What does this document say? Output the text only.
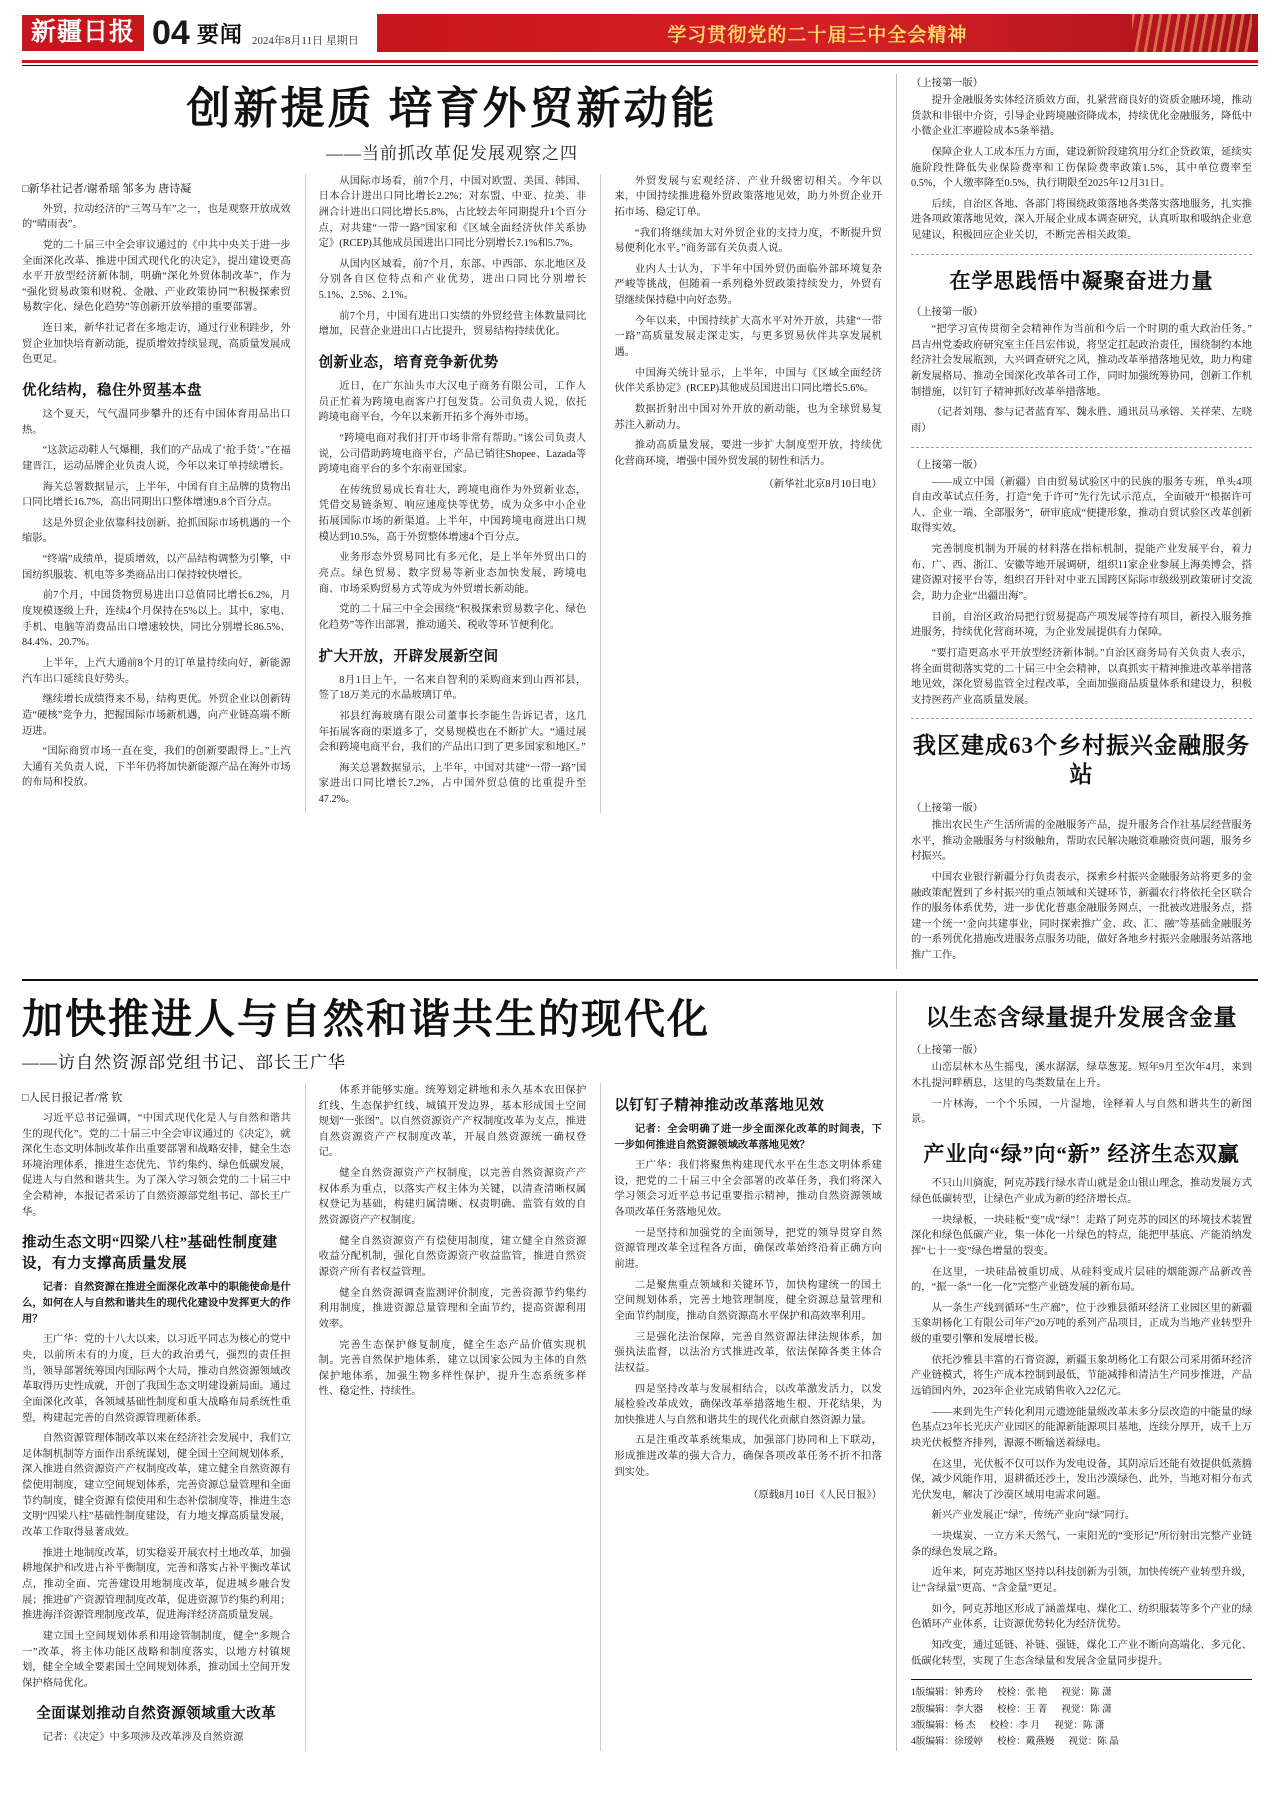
新疆日报 04 要闻 2024年8月11日 星期日	学习贯彻党的二十届三中全会精神
创新提质 培育外贸新动能
——当前抓改革促发展观察之四
□新华社记者/谢希瑶 邹多为 唐诗凝

外贸，拉动经济的“三驾马车”之一，也是观察开放成效的“晴雨表”。

党的二十届三中全会审议通过的《中共中央关于进一步全面深化改革、推进中国式现代化的决定》，提出建设更高水平开放型经济新体制，明确“深化外贸体制改革”，作为“强化贸易政策和财税、金融、产业政策协同”“积极探索贸易数字化、绿色化趋势”等创新开放举措的重要部署。

连日来，新华社记者在多地走访，通过行业积跬步，外贸企业加快培育新动能，提质增效持续显现，高质量发展成色更足。

优化结构，稳住外贸基本盘

这个夏天，气气温同步攀升的还有中国体育用品出口热。

“这款运动鞋人气爆棚，我们的产品成了‘抢手货’。”在福建晋江，运动品牌企业负责人说，今年以来订单持续增长。

海关总署数据显示，上半年，中国有自主品牌的货物出口同比增长16.7%，高出同期出口整体增速9.8个百分点。

这是外贸企业依靠科技创新、抢抓国际市场机遇的一个缩影。

“终端”成绩单，提质增效，以产品结构调整为引擎，中国纺织服装、机电等多类商品出口保持较快增长。

前7个月，中国货物贸易进出口总值同比增长6.2%，月度规模逐级上升，连续4个月保持在5%以上。其中，家电、手机、电脑等消费品出口增速较快，同比分别增长86.5%、84.4%、20.7%。

上半年，上汽大通前8个月的订单量持续向好，新能源汽车出口延续良好势头。

继续增长成绩得来不易，结构更优。外贸企业以创新铸造“硬核”竞争力，把握国际市场新机遇，向产业链高端不断迈进。

“国际商贸市场一直在变，我们的创新要跟得上。”上汽大通有关负责人说，下半年仍将加快新能源产品在海外市场的布局和投放。

从国际市场看，前7个月，中国对欧盟、美国、韩国、日本合计进出口同比增长2.2%；对东盟、中亚、拉美、非洲合计进出口同比增长5.8%，占比较去年同期提升1个百分点，对共建“一带一路”国家和《区域全面经济伙伴关系协定》(RCEP)其他成员国进出口同比分别增长7.1%和5.7%。

从国内区域看，前7个月，东部、中西部、东北地区及分别各自区位特点和产业优势，进出口同比分别增长5.1%、2.5%、2.1%。

前7个月，中国有进出口实绩的外贸经营主体数量同比增加，民营企业进出口占比提升，贸易结构持续优化。

创新业态，培育竞争新优势

近日，在广东汕头市大汉电子商务有限公司，工作人员正忙着为跨境电商客户打包发货。公司负责人说，依托跨境电商平台，今年以来新开拓多个海外市场。

“跨境电商对我们打开市场非常有帮助。”该公司负责人说，公司借助跨境电商平台，产品已销往Shopee、Lazada等跨境电商平台的多个东南亚国家。

在传统贸易成长育壮大，跨境电商作为外贸新业态，凭借交易链条短、响应速度快等优势，成为众多中小企业拓展国际市场的新渠道。上半年，中国跨境电商进出口规模达到10.5%，高于外贸整体增速4个百分点。

业务形态外贸易同比有多元化，是上半年外贸出口的亮点。绿色贸易、数字贸易等新业态加快发展，跨境电商、市场采购贸易方式等成为外贸增长新动能。

党的二十届三中全会围绕“积极探索贸易数字化、绿色化趋势”等作出部署，推动通关、税收等环节便利化。

扩大开放，开辟发展新空间

8月1日上午，一名来自智利的采购商来到山西祁县，签了18万美元的水晶玻璃订单。

祁县红海玻璃有限公司董事长李能生告诉记者，这几年拓展客商的渠道多了，交易规模也在不断扩大。“通过展会和跨境电商平台，我们的产品出口到了更多国家和地区。”

海关总署数据显示，上半年，中国对共建“一带一路”国家进出口同比增长7.2%，占中国外贸总值的比重提升至47.2%。

外贸发展与宏观经济、产业升级密切相关。今年以来，中国持续推进稳外贸政策落地见效，助力外贸企业开拓市场、稳定订单。

“我们将继续加大对外贸企业的支持力度，不断提升贸易便利化水平。”商务部有关负责人说。

业内人士认为，下半年中国外贸仍面临外部环境复杂严峻等挑战，但随着一系列稳外贸政策持续发力，外贸有望继续保持稳中向好态势。

今年以来，中国持续扩大高水平对外开放，共建“一带一路”高质量发展走深走实，与更多贸易伙伴共享发展机遇。

中国海关统计显示，上半年，中国与《区域全面经济伙伴关系协定》(RCEP)其他成员国进出口同比增长5.6%。

数据折射出中国对外开放的新动能，也为全球贸易复苏注入新动力。

推动高质量发展，要进一步扩大制度型开放，持续优化营商环境，增强中国外贸发展的韧性和活力。

（新华社北京8月10日电）

（上接第一版）

提升金融服务实体经济质效方面，扎紧营商良好的资质金融环境，推动货款和非银中介资，引导企业跨境融资降成本，持续优化金融服务，降低中小微企业汇率避险成本5条举措。

保障企业人工成本压力方面，建设新阶段建筑用分红企贷政策，延续实施阶段性降低失业保险费率和工伤保险费率政策1.5%，其中单位费率至0.5%，个人缴率降至0.5%，执行期限至2025年12月31日。

后续，自治区各地、各部门将围绕政策落地各类落实落地服务，扎实推进各项政策落地见效，深入开展企业成本调查研究，认真听取和吸纳企业意见建议，积极回应企业关切，不断完善相关政策。

在学思践悟中凝聚奋进力量

（上接第一版）

“把学习宣传贯彻全会精神作为当前和今后一个时期的重大政治任务。”昌吉州党委政府研究室主任吕宏伟说，将坚定扛起政治责任，围绕制约本地经济社会发展瓶颈，大兴调查研究之风，推动改革举措落地见效，助力构建新发展格局、推动全国深化改革各司工作，同时加强统筹协同，创新工作机制措施，以钉钉子精神抓好改革举措落地。

（记者刘翔、参与记者蓝育军、魏永胜、通讯员马承镕、关祥荣、左晓雨）

（上接第一版）

——成立中国（新疆）自由贸易试验区中的民族的服务专班，单头4项自由改革试点任务，打造“免于许可”先行先试示范点，全面破开“根据许可人、企业一端、全部服务”，研审底成“便捷形象，推动自贸试验区改革创新取得实效。

完善制度机制为开展的材料落在指标机制，提能产业发展平台，着力布、广、西、浙江、安徽等地开展调研，组织11家企业参展上海美博会，搭建资源对接平台等，组织召开针对中亚五国跨区际际市级级别政策研讨交流会，助力企业“出疆出海”。

目前，自治区政治局把行贸易提高产项发展等持有项目，新投入服务推进服务，持续优化营商环境，为企业发展提供有力保障。

“要打造更高水平开放型经济新体制。”自治区商务局有关负责人表示，将全面贯彻落实党的二十届三中全会精神，以真抓实干精神推进改革举措落地见效，深化贸易监管全过程改革，全面加强商品质量体系和建设力，积极支持医药产业高质量发展。

我区建成63个乡村振兴金融服务站

（上接第一版）

推出农民生产生活所需的金融服务产品，提升服务合作社基层经营服务水平，推动金融服务与村级触角，帮助农民解决融资难融资贵问题，服务乡村振兴。

中国农业银行新疆分行负责表示，探索乡村振兴金融服务站将更多的金融政策配置到了乡村振兴的重点领域和关键环节，新疆农行将依托全区联合作的服务体系优势，进一步优化普惠金融服务网点，一批被改进服务点，搭建一个统一‘金向共建事业，同时探索推广金、政、汇、融”等基础金融服务的一系列优化措施改进服务点服务功能，做好各地乡村振兴金融服务站落地推广工作。

加快推进人与自然和谐共生的现代化
——访自然资源部党组书记、部长王广华
□人民日报记者/常 钦

习近平总书记强调，“中国式现代化是人与自然和谐共生的现代化”。党的二十届三中全会审议通过的《决定》，就深化生态文明体制改革作出重要部署和战略安排，健全生态环境治理体系，推进生态优先、节约集约、绿色低碳发展，促进人与自然和谐共生。为了深入学习领会党的二十届三中全会精神，本报记者采访了自然资源部党组书记、部长王广华。

推动生态文明“四梁八柱”基础性制度建设，有力支撑高质量发展

记者：自然资源在推进全面深化改革中的职能使命是什么，如何在人与自然和谐共生的现代化建设中发挥更大的作用？

王广华：党的十八大以来，以习近平同志为核心的党中央，以前所未有的力度，巨大的政治勇气，强烈的责任担当，领导部署统筹国内国际两个大局，推动自然资源领域改革取得历史性成就，开创了我国生态文明建设新局面。通过全面深化改革，各领域基础性制度和重大战略布局系统性重塑，构建起完善的自然资源管理新体系。

自然资源管理体制改革以来在经济社会发展中，我们立足体制机制等方面作出系统谋划，健全国土空间规划体系，深入推进自然资源资产产权制度改革，建立健全自然资源有偿使用制度，建立空间规划体系，完善资源总量管理和全面节约制度，健全资源有偿使用和生态补偿制度等，推进生态文明“四梁八柱”基础性制度建设，有力地支撑高质量发展，改革工作取得显著成效。

推进土地制度改革，切实稳妥开展农村土地改革，加强耕地保护和改进占补平衡制度，完善和落实占补平衡改革试点，推动全面、完善建设用地制度改革，促进城乡融合发展；推进矿产资源管理制度改革，促进资源节约集约利用；推进海洋资源管理制度改革，促进海洋经济高质量发展。

建立国土空间规划体系和用途管制制度，健全“多规合一”改革，将主体功能区战略和制度落实，以地方村镇规划，健全全域全要素国土空间规划体系，推动国土空间开发保护格局优化。

全面谋划推动自然资源领域重大改革

记者：《决定》中多项涉及改革涉及自然资源

体系并能够实施。统筹划定耕地和永久基本农田保护红线、生态保护红线、城镇开发边界，基本形成国土空间规划“一张图”。以自然资源资产产权制度改革为支点，推进自然资源资产产权制度改革，开展自然资源统一确权登记。

健全自然资源资产产权制度，以完善自然资源资产产权体系为重点，以落实产权主体为关键，以清查清晰权属权登记为基础，构建归属清晰、权责明确、监管有效的自然资源资产产权制度。

健全自然资源资产有偿使用制度，建立健全自然资源收益分配机制，强化自然资源资产收益监管，推进自然资源资产所有者权益管理。

健全自然资源调查监测评价制度，完善资源节约集约利用制度，推进资源总量管理和全面节约，提高资源利用效率。

完善生态保护修复制度，健全生态产品价值实现机制。完善自然保护地体系，建立以国家公园为主体的自然保护地体系，加强生物多样性保护，提升生态系统多样性、稳定性、持续性。

以钉钉子精神推动改革落地见效

记者：全会明确了进一步全面深化改革的时间表，下一步如何推进自然资源领域改革落地见效？

王广华：我们将聚焦构建现代水平在生态文明体系建设，把党的二十届三中全会部署的改革任务，我们将深入学习领会习近平总书记重要指示精神，推动自然资源领域各项改革任务落地见效。

一是坚持和加强党的全面领导，把党的领导贯穿自然资源管理改革全过程各方面，确保改革始终沿着正确方向前进。

二是聚焦重点领域和关键环节，加快构建统一的国土空间规划体系，完善土地管理制度，健全资源总量管理和全面节约制度，推动自然资源高水平保护和高效率利用。

三是强化法治保障，完善自然资源法律法规体系，加强执法监督，以法治方式推进改革，依法保障各类主体合法权益。

四是坚持改革与发展相结合，以改革激发活力，以发展检验改革成效，确保改革举措落地生根、开花结果，为加快推进人与自然和谐共生的现代化贡献自然资源力量。

五是注重改革系统集成，加强部门协同和上下联动，形成推进改革的强大合力，确保各项改革任务不折不扣落到实处。

（原载8月10日《人民日报》）

以生态含绿量提升发展含金量

（上接第一版）

山峦层林木丛生摇曳，溪水潺潺，绿草葱茏。短年9月至次年4月，来到木扎提河畔栖息，这里的鸟类数量在上升。

一片林海，一个个乐园，一片湿地，诠释着人与自然和谐共生的新图景。

产业向“绿”向“新” 经济生态双赢

不只山川旖旎，阿克苏践行绿水青山就是金山银山理念，推动发展方式绿色低碳转型，让绿色产业成为新的经济增长点。

一块绿板，一块硅板“变”成“绿”！走路了阿克苏的园区的环境技术装置深化和绿色低碳产业，集一体化一片绿色的特点，能把甲基底、产能消纳发挥“七十一变”绿色增量的裂变。

在这里，一块硅晶被重切成、从硅料变成片层硅的烟能源产品新改善的，“振一条“一化一化”完整产业链发展的新布局。

从一条生产线到循环“生产廊”，位于沙雅县循环经济工业园区里的新疆玉象胡杨化工有限公司年产20万吨的系列产品项目，正成为当地产业转型升级的重要引擎和发展增长极。

依托沙雅县丰富的石膏资源，新疆玉象胡杨化工有限公司采用循环经济产业链模式，将生产成本控制到最低，节能减排和清洁生产同步推进，产品远销国内外，2023年企业完成销售收入22亿元。

——来到先生产转化利用元遗迹能量级改革未多分层改造的中能量的绿色基点23年长光庆产业园区的能源新能源项目基地，连续分厚开，成千上万块光伏板整齐排列，源源不断输送着绿电。

在这里，光伏板不仅可以作为发电设备，其阴凉后还能有效提供低蒸腾保，减少风能作用，退耕循还沙土，发出沙漠绿色、此外，当地对相分布式光伏发电，解决了沙漠区域用电需求问题。

新兴产业发展正“绿”，传统产业向“绿”同行。

一块煤炭、一立方米天然气、一束阳光的“变形记”所衍射出完整产业链条的绿色发展之路。

近年来，阿克苏地区坚持以科技创新为引领，加快传统产业转型升级，让“含绿量”更高、“含金量”更足。

如今，阿克苏地区形成了涵盖煤电、煤化工、纺织服装等多个产业的绿色循环产业体系，让资源优势转化为经济优势。

知改变，通过延链、补链、强链，煤化工产业不断向高端化、多元化、低碳化转型，实现了生态含绿量和发展含金量同步提升。

1版编辑：钟秀玲 校检：张 艳 视觉：陈 潇
2版编辑：李大器 校检：王 菁 视觉：陈 潇
3版编辑：杨 杰 校检：李 月 视觉：陈 潇
4版编辑：徐瑷婷 校检：戴燕嫚 视觉：陈 晶
